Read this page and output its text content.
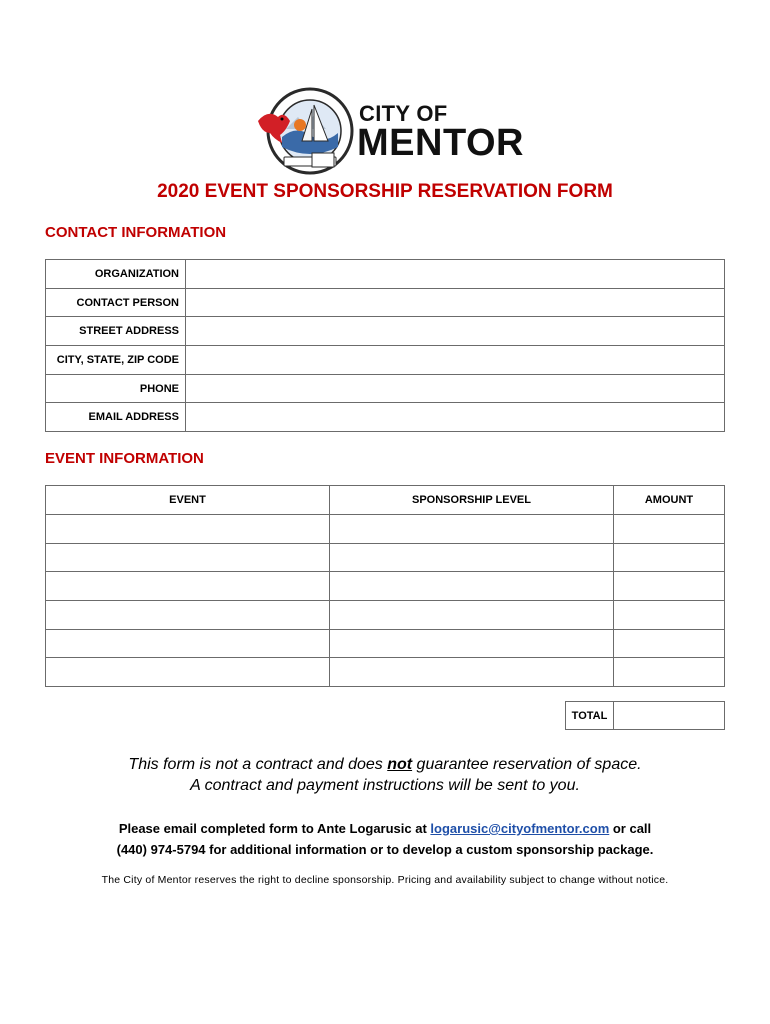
CITY OF
MENTOR
2020 EVENT SPONSORSHIP RESERVATION FORM
CONTACT INFORMATION
ORGANIZATION	
CONTACT PERSON	
STREET ADDRESS	
CITY, STATE, ZIP CODE	
PHONE	
EMAIL ADDRESS	
EVENT INFORMATION
EVENT	SPONSORSHIP LEVEL	AMOUNT

TOTAL	
This form is not a contract and does not guarantee reservation of space.
A contract and payment instructions will be sent to you.
Please email completed form to Ante Logarusic at logarusic@cityofmentor.com or call
(440) 974-5794 for additional information or to develop a custom sponsorship package.
The City of Mentor reserves the right to decline sponsorship. Pricing and availability subject to change without notice.
